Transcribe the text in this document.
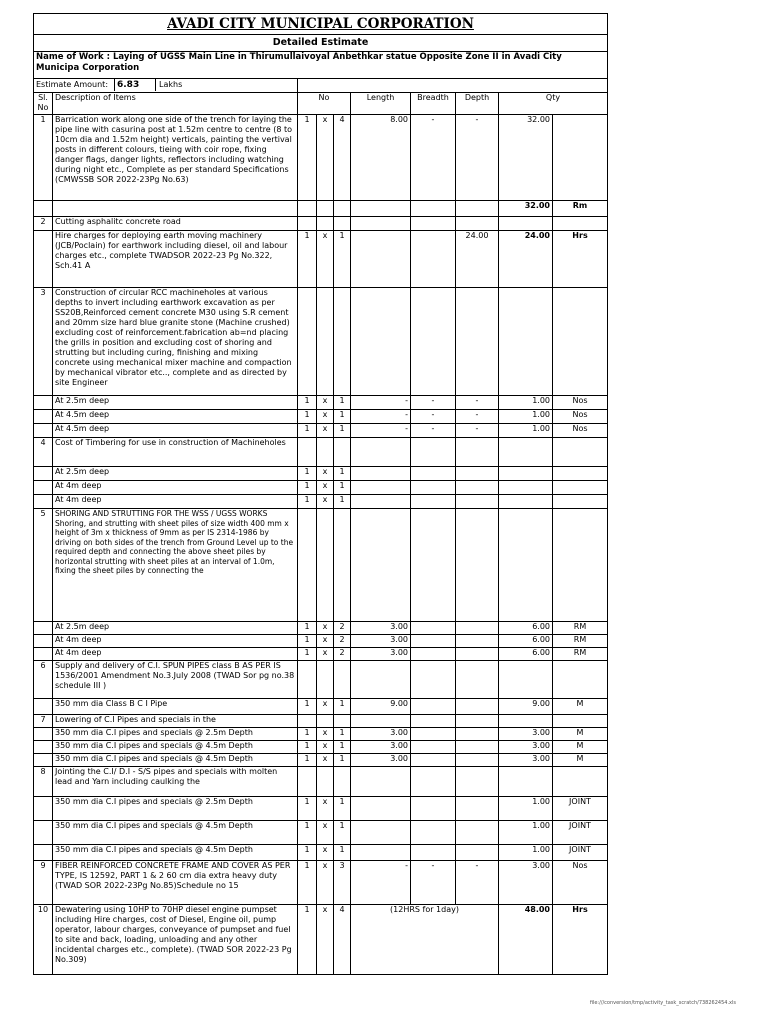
AVADI CITY MUNICIPAL CORPORATION									
Detailed Estimate									
Name of Work : Laying of UGSS Main Line in Thirumullaivoyal Anbethkar statue Opposite Zone II in Avadi City Municipa Corporation									

Estimate Amount: 6.83 Lakhs									

Sl. No	Description of Items	No			Length	Breadth	Depth	Qty	
1	Barrication work along one side of the trench for laying the pipe line with casurina post at 1.52m centre to centre (8 to 10cm dia and 1.52m height) verticals, painting the vertival posts in different colours, tieing with coir rope, fixing danger flags, danger lights, reflectors including watching during night etc., Complete as per standard Specifications (CMWSSB SOR 2022-23Pg No.63)	1	x	4	8.00	-	-	32.00	
								32.00	Rm
2	Cutting asphalitc concrete road								
	Hire charges for deploying earth moving machinery (JCB/Poclain) for earthwork including diesel, oil and labour charges etc., complete TWADSOR 2022-23 Pg No.322, Sch.41 A	1	x	1			24.00	24.00	Hrs
3	Construction of circular RCC machineholes at various depths to invert including earthwork excavation as per SS20B,Reinforced cement concrete M30 using S.R cement and 20mm size hard blue granite stone (Machine crushed) excluding cost of reinforcement.fabrication ab=nd placing the grills in position and excluding cost of shoring and strutting but including curing, finishing and mixing concrete using mechanical mixer machine and compaction by mechanical vibrator etc.., complete and as directed by site Engineer								
	At 2.5m deep	1	x	1	-	-	-	1.00	Nos
	At 4.5m deep	1	x	1	-	-	-	1.00	Nos
	At 4.5m deep	1	x	1	-	-	-	1.00	Nos
4	Cost of Timbering for use in construction of Machineholes								
	At 2.5m deep	1	x	1					
	At 4m deep	1	x	1					
	At 4m deep	1	x	1					
5	SHORING AND STRUTTING FOR THE WSS / UGSS WORKS Shoring, and strutting with sheet piles of size width 400 mm x height of 3m x thickness of 9mm as per IS 2314-1986 by driving on both sides of the trench from Ground Level up to the required depth and connecting the above sheet piles by horizontal strutting with sheet piles at an interval of 1.0m, fixing the sheet piles by connecting the								
	At 2.5m deep	1	x	2	3.00			6.00	RM
	At 4m deep	1	x	2	3.00			6.00	RM
	At 4m deep	1	x	2	3.00			6.00	RM
6	Supply and delivery of C.I. SPUN PIPES class B AS PER IS 1536/2001 Amendment No.3.July 2008 (TWAD Sor pg no.38 schedule III )								
	350 mm dia Class B C I Pipe	1	x	1	9.00			9.00	M
7	Lowering of C.I Pipes and specials in the								
	350 mm dia C.I pipes and specials @ 2.5m Depth	1	x	1	3.00			3.00	M
	350 mm dia C.I pipes and specials @ 4.5m Depth	1	x	1	3.00			3.00	M
	350 mm dia C.I pipes and specials @ 4.5m Depth	1	x	1	3.00			3.00	M
8	Jointing the C.I/ D.I - S/S pipes and specials with molten lead and Yarn including caulking the								
	350 mm dia C.I pipes and specials @ 2.5m Depth	1	x	1				1.00	JOINT
	350 mm dia C.I pipes and specials @ 4.5m Depth	1	x	1				1.00	JOINT
	350 mm dia C.I pipes and specials @ 4.5m Depth	1	x	1				1.00	JOINT
9	FIBER REINFORCED CONCRETE FRAME AND COVER AS PER TYPE, IS 12592, PART 1 & 2 60 cm dia extra heavy duty (TWAD SOR 2022-23Pg No.85)Schedule no 15	1	x	3	-	-	-	3.00	Nos
10	Dewatering using 10HP to 70HP diesel engine pumpset including Hire charges, cost of Diesel, Engine oil, pump operator, labour charges, conveyance of pumpset and fuel to site and back, loading, unloading and any other incidental charges etc., complete). (TWAD SOR 2022-23 Pg No.309)	1	x	4	(12HRS for 1day)			48.00	Hrs
file:///conversion/tmp/activity_task_scratch/738262454.xls
